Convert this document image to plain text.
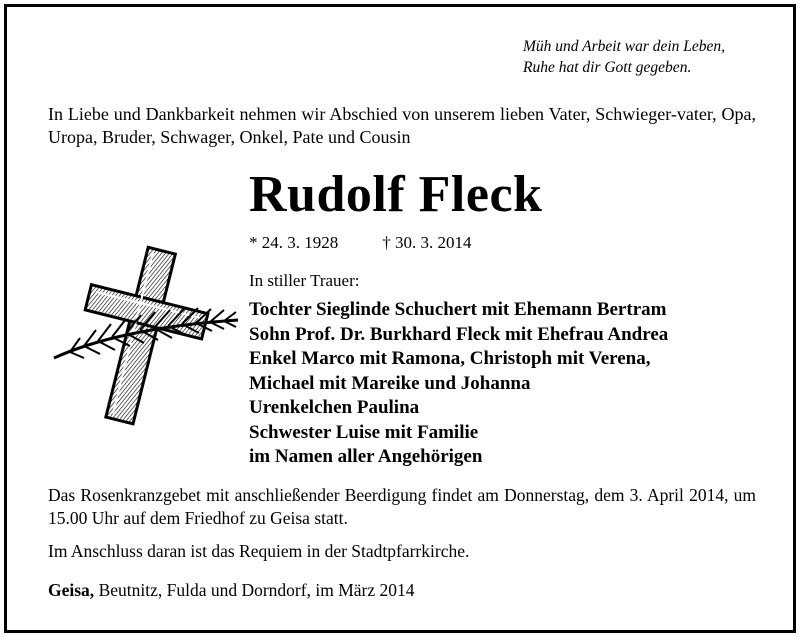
Müh und Arbeit war dein Leben,
Ruhe hat dir Gott gegeben.
In Liebe und Dankbarkeit nehmen wir Abschied von unserem lieben Vater, Schwieger-vater, Opa, Uropa, Bruder, Schwager, Onkel, Pate und Cousin
Rudolf Fleck
* 24. 3. 1928	† 30. 3. 2014
In stiller Trauer:
Tochter Sieglinde Schuchert mit Ehemann Bertram
Sohn Prof. Dr. Burkhard Fleck mit Ehefrau Andrea
Enkel Marco mit Ramona, Christoph mit Verena,
Michael mit Mareike und Johanna
Urenkelchen Paulina
Schwester Luise mit Familie
im Namen aller Angehörigen
Das Rosenkranzgebet mit anschließender Beerdigung findet am Donnerstag, dem 3. April 2014, um 15.00 Uhr auf dem Friedhof zu Geisa statt.
Im Anschluss daran ist das Requiem in der Stadtpfarrkirche.
Geisa, Beutnitz, Fulda und Dorndorf, im März 2014
